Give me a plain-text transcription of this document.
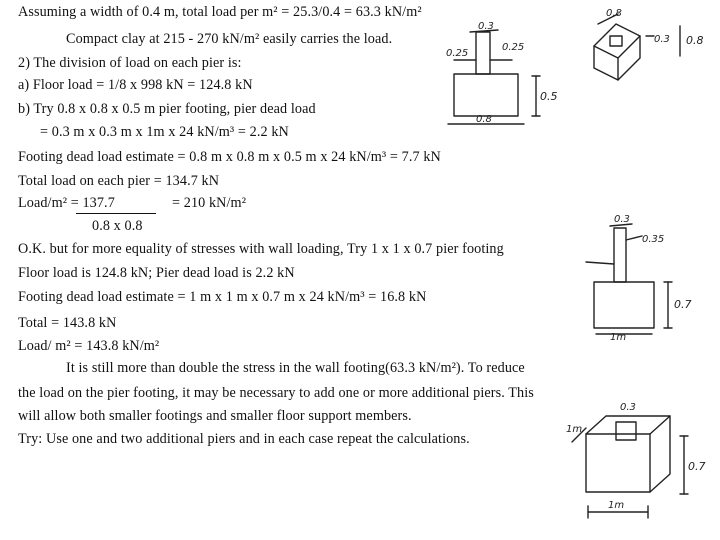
Assuming a width of 0.4 m, total load per m² = 25.3/0.4 = 63.3 kN/m²
Compact clay at 215 - 270 kN/m² easily carries the load.
2) The division of load on each pier is:
a) Floor load = 1/8 x 998 kN = 124.8 kN
b) Try 0.8 x 0.8 x 0.5 m pier footing, pier dead load
= 0.3 m x 0.3 m x 1m x 24 kN/m³ = 2.2 kN
Footing dead load estimate = 0.8 m x 0.8 m x 0.5 m x 24 kN/m³ = 7.7 kN
Total load on each pier = 134.7 kN
Load/m² = 137.7	= 210 kN/m²
0.8 x 0.8
O.K. but for more equality of stresses with wall loading, Try 1 x 1 x 0.7 pier footing
Floor load is 124.8 kN; Pier dead load is 2.2 kN
Footing dead load estimate = 1 m x 1 m x 0.7 m x 24 kN/m³ = 16.8 kN
Total = 143.8 kN
Load/ m² = 143.8 kN/m²
It is still more than double the stress in the wall footing(63.3 kN/m²). To reduce
the load on the pier footing, it may be necessary to add one or more additional piers. This
will allow both smaller footings and smaller floor support members.
Try: Use one and two additional piers and in each case repeat the calculations.
0.3
0.25
0.25
0.5
0.8
0.8
0.3 0.8
0.3
0.35
0.7
1m
0.3
1m
0.7
1m
